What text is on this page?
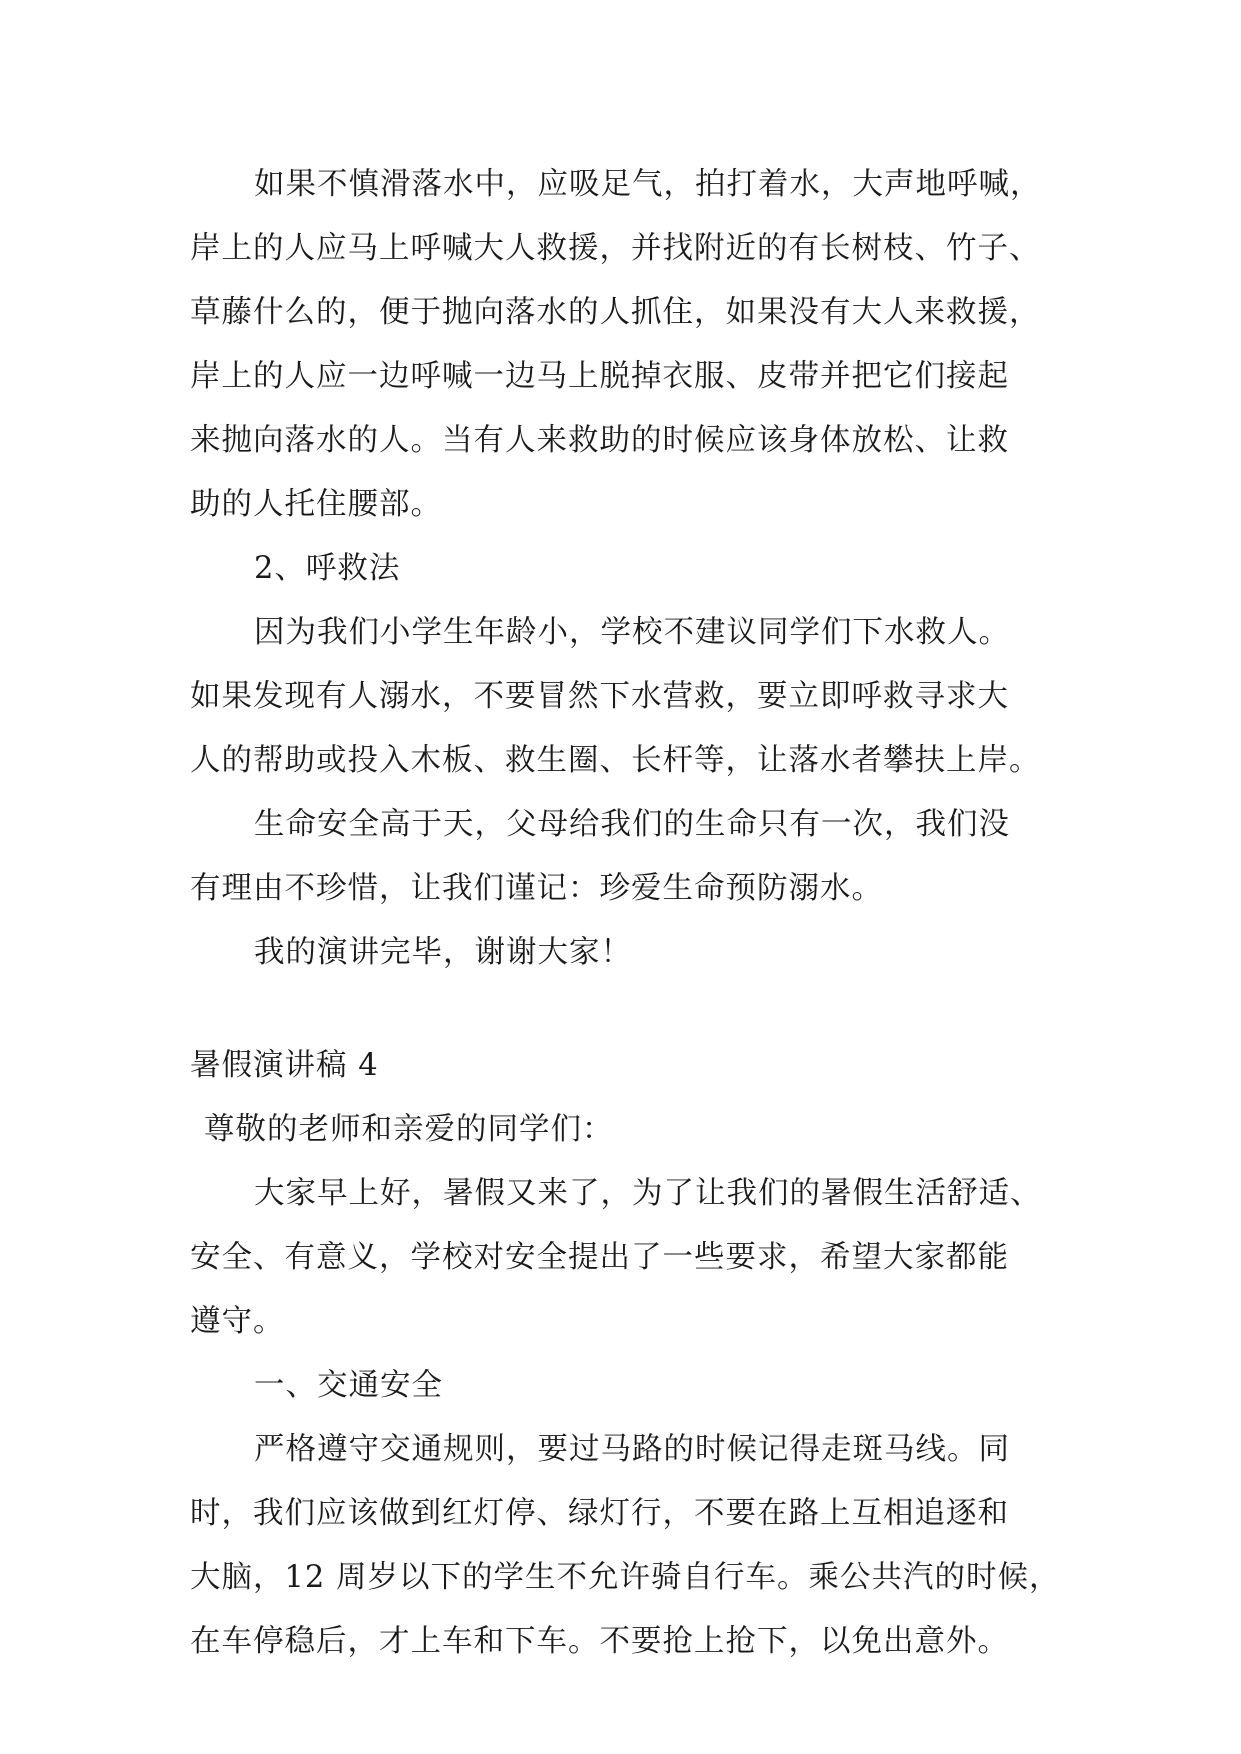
如果不慎滑落水中，应吸足气，拍打着水，大声地呼喊，
岸上的人应马上呼喊大人救援，并找附近的有长树枝、竹子、
草藤什么的，便于抛向落水的人抓住，如果没有大人来救援，
岸上的人应一边呼喊一边马上脱掉衣服、皮带并把它们接起
来抛向落水的人。当有人来救助的时候应该身体放松、让救
助的人托住腰部。
2、呼救法
因为我们小学生年龄小，学校不建议同学们下水救人。
如果发现有人溺水，不要冒然下水营救，要立即呼救寻求大
人的帮助或投入木板、救生圈、长杆等，让落水者攀扶上岸。
生命安全高于天，父母给我们的生命只有一次，我们没
有理由不珍惜，让我们谨记：珍爱生命预防溺水。
我的演讲完毕，谢谢大家！
暑假演讲稿 4
尊敬的老师和亲爱的同学们：
大家早上好，暑假又来了，为了让我们的暑假生活舒适、
安全、有意义，学校对安全提出了一些要求，希望大家都能
遵守。
一、交通安全
严格遵守交通规则，要过马路的时候记得走斑马线。同
时，我们应该做到红灯停、绿灯行，不要在路上互相追逐和
大脑，12 周岁以下的学生不允许骑自行车。乘公共汽的时候，
在车停稳后，才上车和下车。不要抢上抢下，以免出意外。
